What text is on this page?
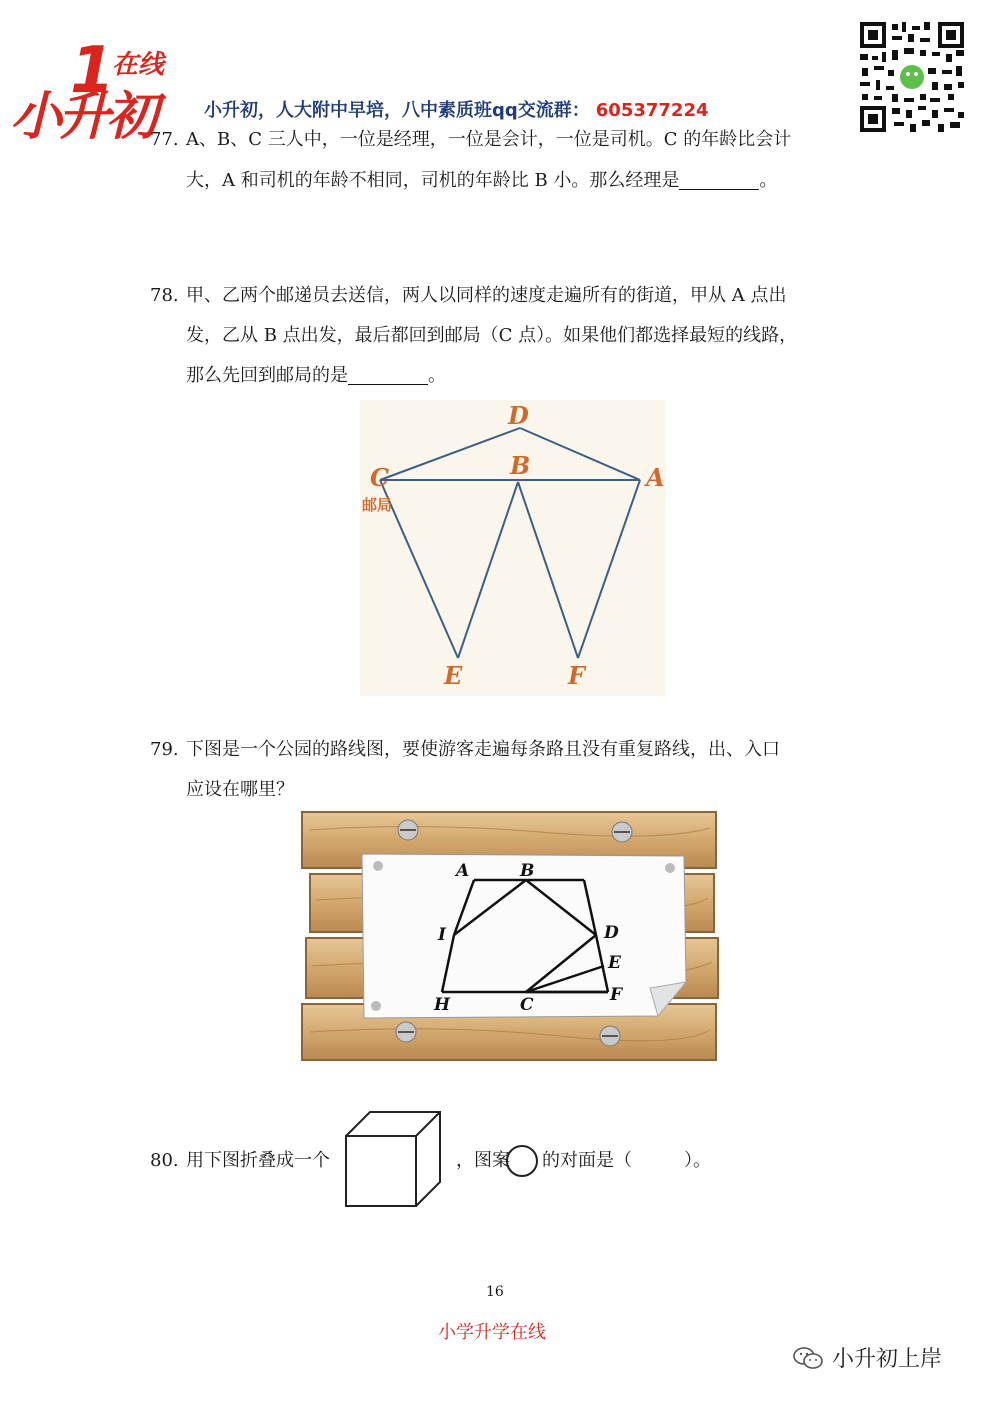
1
小升初
在线
小升初，人大附中早培，八中素质班qq交流群： 605377224
77. A、B、C 三人中，一位是经理，一位是会计，一位是司机。C 的年龄比会计
大，A 和司机的年龄不相同，司机的年龄比 B 小。那么经理是	。
78. 甲、乙两个邮递员去送信，两人以同样的速度走遍所有的街道，甲从 A 点出
发，乙从 B 点出发，最后都回到邮局（C 点）。如果他们都选择最短的线路，
那么先回到邮局的是	。
D
B
C	A
E	F
邮局
79. 下图是一个公园的路线图，要使游客走遍每条路且没有重复路线，出、入口
应设在哪里？
A	B
I	D
E
H	C	F
80. 用下图折叠成一个	，图案 的对面是（	）。
16
小学升学在线
小升初上岸
